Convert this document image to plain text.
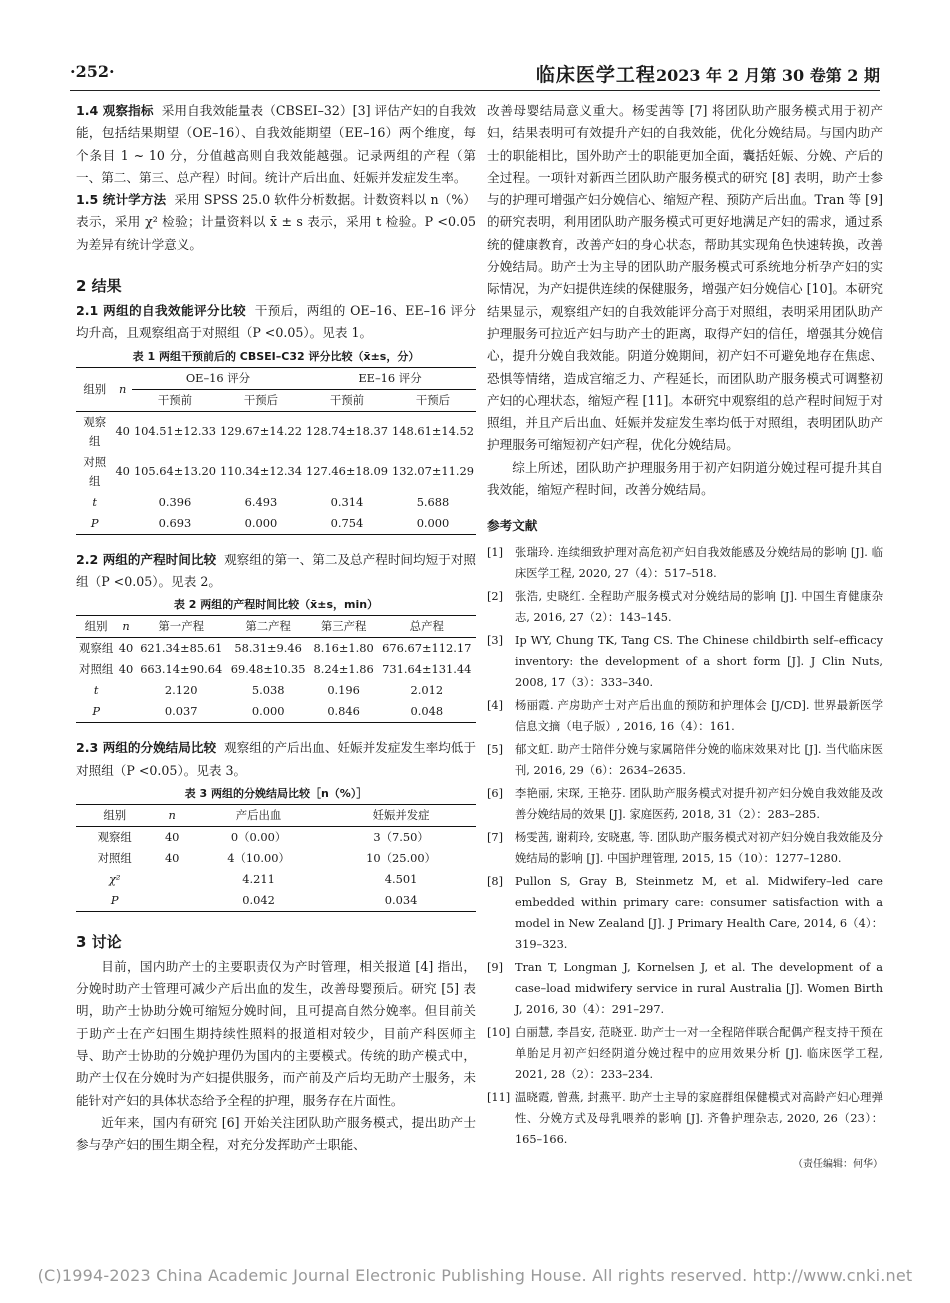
·252·	临床医学工程2023 年 2 月第 30 卷第 2 期

1.4 观察指标 采用自我效能量表（CBSEI–32）[3] 评估产妇的自我效能，包括结果期望（OE–16）、自我效能期望（EE–16）两个维度，每个条目 1 ~ 10 分，分值越高则自我效能越强。记录两组的产程（第一、第二、第三、总产程）时间。统计产后出血、妊娠并发症发生率。

1.5 统计学方法 采用 SPSS 25.0 软件分析数据。计数资料以 n（%）表示，采用 χ² 检验；计量资料以 x̄ ± s 表示，采用 t 检验。P <0.05 为差异有统计学意义。

2 结果

2.1 两组的自我效能评分比较 干预后，两组的 OE–16、EE–16 评分均升高，且观察组高于对照组（P <0.05）。见表 1。

表 1 两组干预前后的 CBSEI–C32 评分比较（x̄±s，分）
组别	n	OE–16 评分		EE–16 评分	
		干预前	干预后	干预前	干预后
观察组	40	104.51±12.33	129.67±14.22	128.74±18.37	148.61±14.52
对照组	40	105.64±13.20	110.34±12.34	127.46±18.09	132.07±11.29
t		0.396	6.493	0.314	5.688
P		0.693	0.000	0.754	0.000

2.2 两组的产程时间比较 观察组的第一、第二及总产程时间均短于对照组（P <0.05）。见表 2。

表 2 两组的产程时间比较（x̄±s，min）
组别	n	第一产程	第二产程	第三产程	总产程
观察组	40	621.34±85.61	58.31±9.46	8.16±1.80	676.67±112.17
对照组	40	663.14±90.64	69.48±10.35	8.24±1.86	731.64±131.44
t		2.120	5.038	0.196	2.012
P		0.037	0.000	0.846	0.048

2.3 两组的分娩结局比较 观察组的产后出血、妊娠并发症发生率均低于对照组（P <0.05）。见表 3。

表 3 两组的分娩结局比较［n（%）］
组别	n	产后出血	妊娠并发症
观察组	40	0（0.00）	3（7.50）
对照组	40	4（10.00）	10（25.00）
χ²		4.211	4.501
P		0.042	0.034
3 讨论

目前，国内助产士的主要职责仅为产时管理，相关报道 [4] 指出，分娩时助产士管理可减少产后出血的发生，改善母婴预后。研究 [5] 表明，助产士协助分娩可缩短分娩时间，且可提高自然分娩率。但目前关于助产士在产妇围生期持续性照料的报道相对较少，目前产科医师主导、助产士协助的分娩护理仍为国内的主要模式。传统的助产模式中，助产士仅在分娩时为产妇提供服务，而产前及产后均无助产士服务，未能针对产妇的具体状态给予全程的护理，服务存在片面性。

近年来，国内有研究 [6] 开始关注团队助产服务模式，提出助产士参与孕产妇的围生期全程，对充分发挥助产士职能、

改善母婴结局意义重大。杨雯茜等 [7] 将团队助产服务模式用于初产妇，结果表明可有效提升产妇的自我效能，优化分娩结局。与国内助产士的职能相比，国外助产士的职能更加全面，囊括妊娠、分娩、产后的全过程。一项针对新西兰团队助产服务模式的研究 [8] 表明，助产士参与的护理可增强产妇分娩信心、缩短产程、预防产后出血。Tran 等 [9] 的研究表明，利用团队助产服务模式可更好地满足产妇的需求，通过系统的健康教育，改善产妇的身心状态，帮助其实现角色快速转换，改善分娩结局。助产士为主导的团队助产服务模式可系统地分析孕产妇的实际情况，为产妇提供连续的保健服务，增强产妇分娩信心 [10]。本研究结果显示，观察组产妇的自我效能评分高于对照组，表明采用团队助产护理服务可拉近产妇与助产士的距离，取得产妇的信任，增强其分娩信心，提升分娩自我效能。阴道分娩期间，初产妇不可避免地存在焦虑、恐惧等情绪，造成宫缩乏力、产程延长，而团队助产服务模式可调整初产妇的心理状态，缩短产程 [11]。本研究中观察组的总产程时间短于对照组，并且产后出血、妊娠并发症发生率均低于对照组，表明团队助产护理服务可缩短初产妇产程，优化分娩结局。

综上所述，团队助产护理服务用于初产妇阴道分娩过程可提升其自我效能，缩短产程时间，改善分娩结局。

参考文献
[1]	张瑞玲. 连续细致护理对高危初产妇自我效能感及分娩结局的影响 [J]. 临床医学工程, 2020, 27（4）：517–518.
[2]	张浩, 史晓红. 全程助产服务模式对分娩结局的影响 [J]. 中国生育健康杂志, 2016, 27（2）：143–145.
[3]	Ip WY, Chung TK, Tang CS. The Chinese childbirth self–efficacy inventory: the development of a short form [J]. J Clin Nuts, 2008, 17（3）：333–340.
[4]	杨丽霞. 产房助产士对产后出血的预防和护理体会 [J/CD]. 世界最新医学信息文摘（电子版）, 2016, 16（4）：161.
[5]	郁文虹. 助产士陪伴分娩与家属陪伴分娩的临床效果对比 [J]. 当代临床医刊, 2016, 29（6）：2634–2635.
[6]	李艳丽, 宋琛, 王艳芬. 团队助产服务模式对提升初产妇分娩自我效能及改善分娩结局的效果 [J]. 家庭医药, 2018, 31（2）：283–285.
[7]	杨雯茜, 谢莉玲, 安晓惠, 等. 团队助产服务模式对初产妇分娩自我效能及分娩结局的影响 [J]. 中国护理管理, 2015, 15（10）：1277–1280.
[8]	Pullon S, Gray B, Steinmetz M, et al. Midwifery–led care embedded within primary care: consumer satisfaction with a model in New Zealand [J]. J Primary Health Care, 2014, 6（4）：319–323.
[9]	Tran T, Longman J, Kornelsen J, et al. The development of a case–load midwifery service in rural Australia [J]. Women Birth J, 2016, 30（4）：291–297.
[10] 白丽慧, 李昌安, 范晓亚. 助产士一对一全程陪伴联合配偶产程支持干预在单胎足月初产妇经阴道分娩过程中的应用效果分析 [J]. 临床医学工程, 2021, 28（2）：233–234.
[11] 温晓霞, 曾燕, 封燕平. 助产士主导的家庭群组保健模式对高龄产妇心理弹性、分娩方式及母乳喂养的影响 [J]. 齐鲁护理杂志, 2020, 26（23）：165–166.
（责任编辑：何华）
(C)1994-2023 China Academic Journal Electronic Publishing House. All rights reserved. http://www.cnki.net
